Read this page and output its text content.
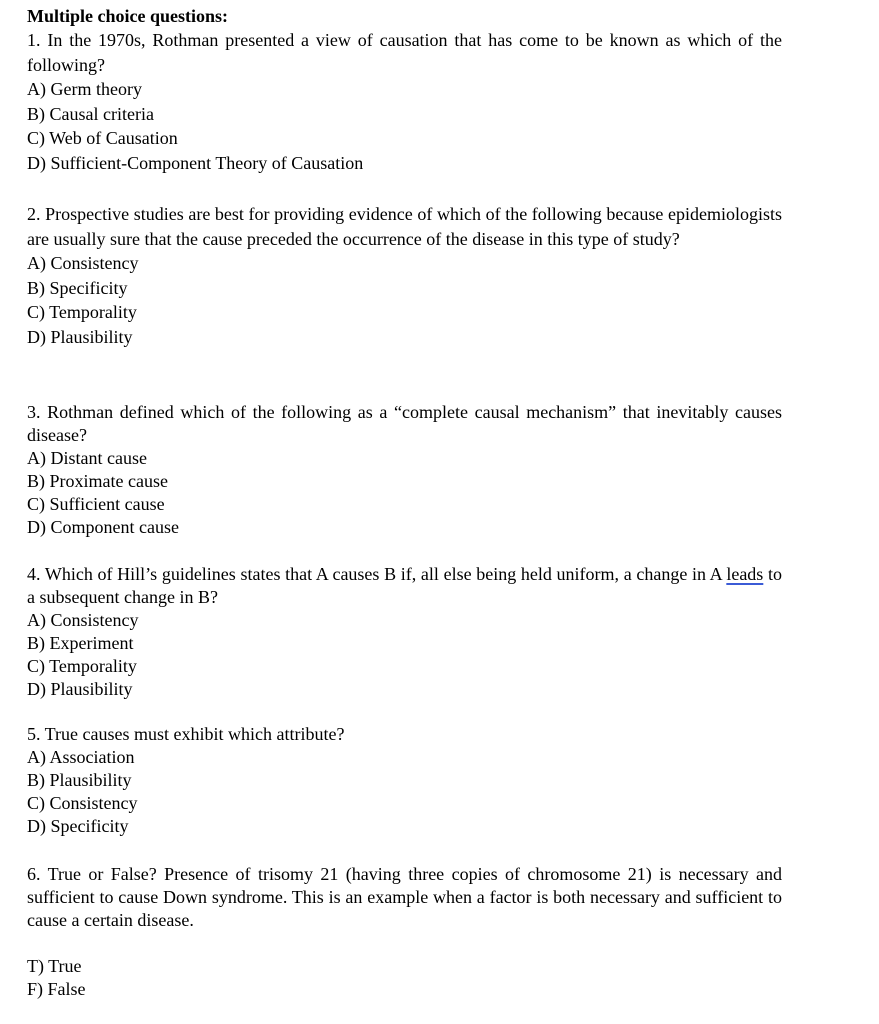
Multiple choice questions:
1. In the 1970s, Rothman presented a view of causation that has come to be known as which of the following?
A) Germ theory
B) Causal criteria
C) Web of Causation
D) Sufficient-Component Theory of Causation
2. Prospective studies are best for providing evidence of which of the following because epidemiologists are usually sure that the cause preceded the occurrence of the disease in this type of study?
A) Consistency
B) Specificity
C) Temporality
D) Plausibility
3. Rothman defined which of the following as a “complete causal mechanism” that inevitably causes disease?
A) Distant cause
B) Proximate cause
C) Sufficient cause
D) Component cause
4. Which of Hill’s guidelines states that A causes B if, all else being held uniform, a change in A leads to a subsequent change in B?
A) Consistency
B) Experiment
C) Temporality
D) Plausibility
5. True causes must exhibit which attribute?
A) Association
B) Plausibility
C) Consistency
D) Specificity
6. True or False? Presence of trisomy 21 (having three copies of chromosome 21) is necessary and sufficient to cause Down syndrome. This is an example when a factor is both necessary and sufficient to cause a certain disease.
T) True
F) False
